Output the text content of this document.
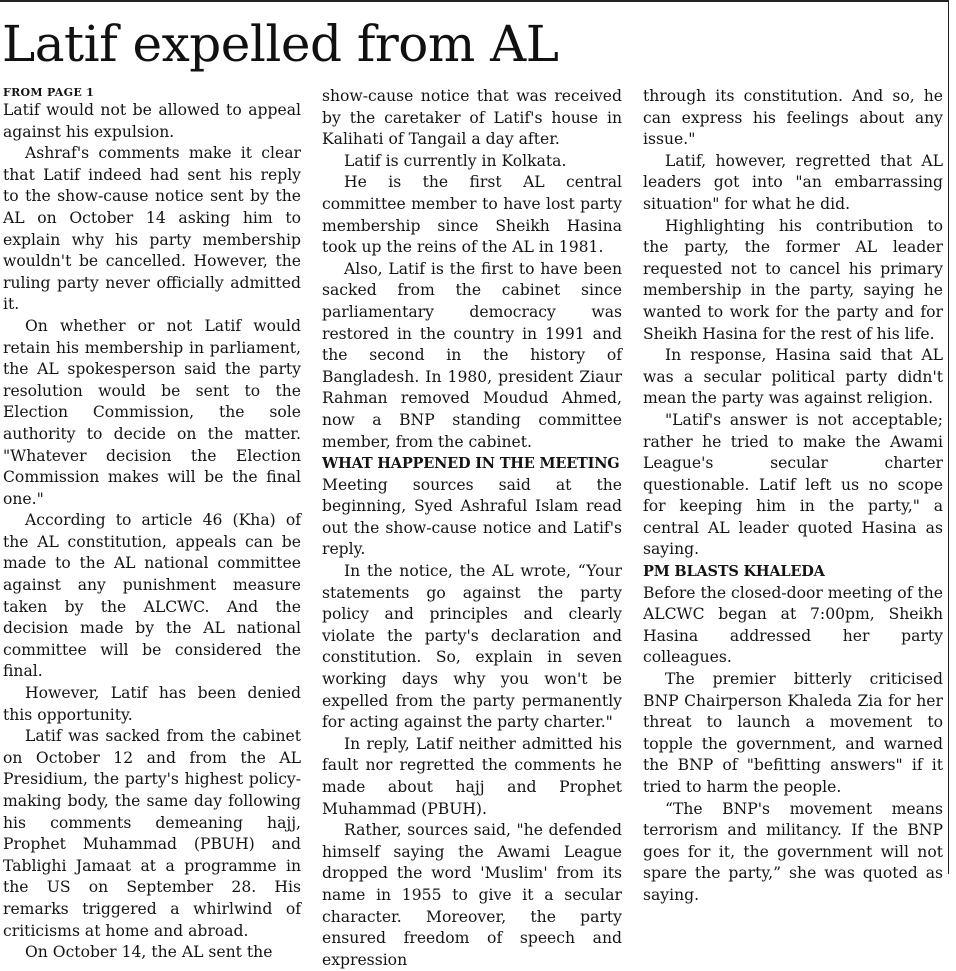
Latif expelled from AL

FROM PAGE 1

Latif would not be allowed to appeal against his expulsion.

Ashraf's comments make it clear that Latif indeed had sent his reply to the show-cause notice sent by the AL on October 14 asking him to explain why his party membership wouldn't be cancelled. However, the ruling party never officially admitted it.

On whether or not Latif would retain his membership in parliament, the AL spokesperson said the party resolution would be sent to the Election Commission, the sole authority to decide on the matter. "Whatever decision the Election Commission makes will be the final one."

According to article 46 (Kha) of the AL constitution, appeals can be made to the AL national committee against any punishment measure taken by the ALCWC. And the decision made by the AL national committee will be considered the final.

However, Latif has been denied this opportunity.

Latif was sacked from the cabinet on October 12 and from the AL Presidium, the party's highest policy-making body, the same day following his comments demeaning hajj, Prophet Muhammad (PBUH) and Tablighi Jamaat at a programme in the US on September 28. His remarks triggered a whirlwind of criticisms at home and abroad.

On October 14, the AL sent the

show-cause notice that was received by the caretaker of Latif's house in Kalihati of Tangail a day after.

Latif is currently in Kolkata.

He is the first AL central committee member to have lost party membership since Sheikh Hasina took up the reins of the AL in 1981.

Also, Latif is the first to have been sacked from the cabinet since parliamentary democracy was restored in the country in 1991 and the second in the history of Bangladesh. In 1980, president Ziaur Rahman removed Moudud Ahmed, now a BNP standing committee member, from the cabinet.

WHAT HAPPENED IN THE MEETING

Meeting sources said at the beginning, Syed Ashraful Islam read out the show-cause notice and Latif's reply.

In the notice, the AL wrote, “Your statements go against the party policy and principles and clearly violate the party's declaration and constitution. So, explain in seven working days why you won't be expelled from the party permanently for acting against the party charter."

In reply, Latif neither admitted his fault nor regretted the comments he made about hajj and Prophet Muhammad (PBUH).

Rather, sources said, "he defended himself saying the Awami League dropped the word 'Muslim' from its name in 1955 to give it a secular character. Moreover, the party ensured freedom of speech and expression

through its constitution. And so, he can express his feelings about any issue."

Latif, however, regretted that AL leaders got into "an embarrassing situation" for what he did.

Highlighting his contribution to the party, the former AL leader requested not to cancel his primary membership in the party, saying he wanted to work for the party and for Sheikh Hasina for the rest of his life.

In response, Hasina said that AL was a secular political party didn't mean the party was against religion.

"Latif's answer is not acceptable; rather he tried to make the Awami League's secular charter questionable. Latif left us no scope for keeping him in the party," a central AL leader quoted Hasina as saying.

PM BLASTS KHALEDA

Before the closed-door meeting of the ALCWC began at 7:00pm, Sheikh Hasina addressed her party colleagues.

The premier bitterly criticised BNP Chairperson Khaleda Zia for her threat to launch a movement to topple the government, and warned the BNP of "befitting answers" if it tried to harm the people.

“The BNP's movement means terrorism and militancy. If the BNP goes for it, the government will not spare the party,” she was quoted as saying.
